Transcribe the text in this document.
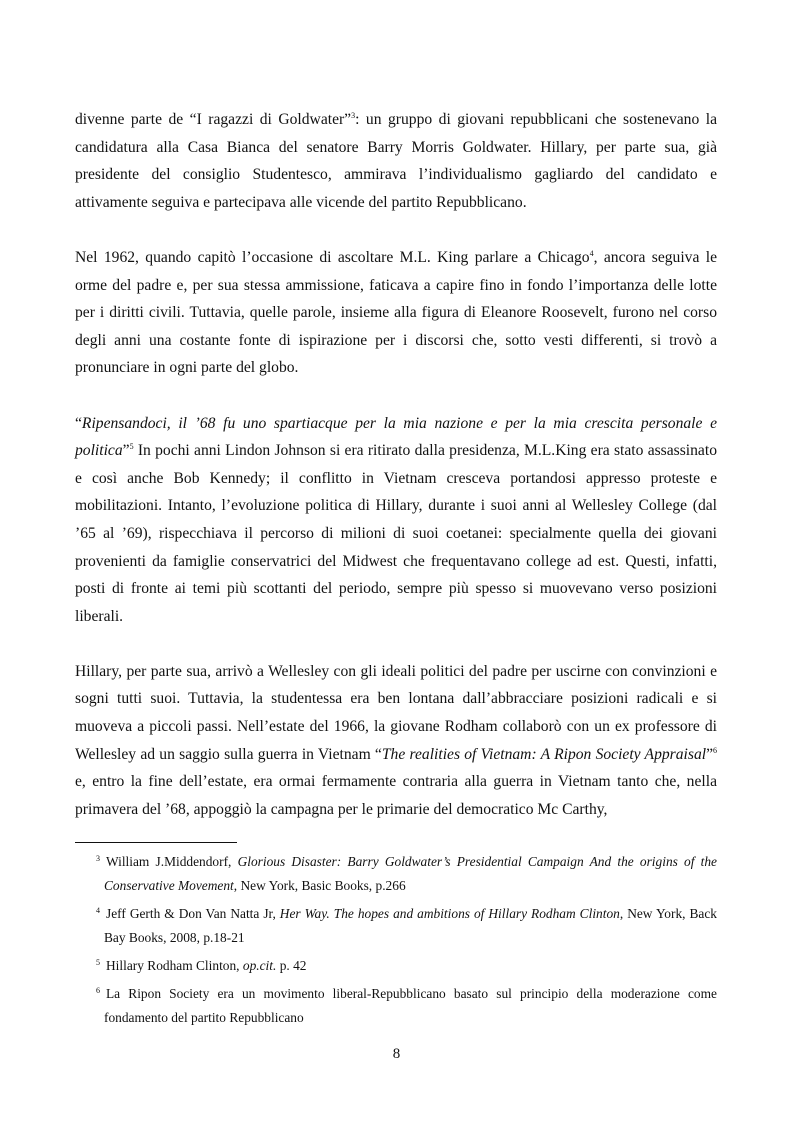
divenne parte de “I ragazzi di Goldwater”$^3$: un gruppo di giovani repubblicani che sostenevano la candidatura alla Casa Bianca del senatore Barry Morris Goldwater. Hillary, per parte sua, già presidente del consiglio Studentesco, ammirava l’individualismo gagliardo del candidato e attivamente seguiva e partecipava alle vicende del partito Repubblicano.

Nel 1962, quando capitò l’occasione di ascoltare M.L. King parlare a Chicago$^4$, ancora seguiva le orme del padre e, per sua stessa ammissione, faticava a capire fino in fondo l’importanza delle lotte per i diritti civili. Tuttavia, quelle parole, insieme alla figura di Eleanore Roosevelt, furono nel corso degli anni una costante fonte di ispirazione per i discorsi che, sotto vesti differenti, si trovò a pronunciare in ogni parte del globo.

“Ripensandoci, il ’68 fu uno spartiacque per la mia nazione e per la mia crescita personale e politica”$^5$ In pochi anni Lindon Johnson si era ritirato dalla presidenza, M.L.King era stato assassinato e così anche Bob Kennedy; il conflitto in Vietnam cresceva portandosi appresso proteste e mobilitazioni. Intanto, l’evoluzione politica di Hillary, durante i suoi anni al Wellesley College (dal ’65 al ’69), rispecchiava il percorso di milioni di suoi coetanei: specialmente quella dei giovani provenienti da famiglie conservatrici del Midwest che frequentavano college ad est. Questi, infatti, posti di fronte ai temi più scottanti del periodo, sempre più spesso si muovevano verso posizioni liberali.

Hillary, per parte sua, arrivò a Wellesley con gli ideali politici del padre per uscirne con convinzioni e sogni tutti suoi. Tuttavia, la studentessa era ben lontana dall’abbracciare posizioni radicali e si muoveva a piccoli passi. Nell’estate del 1966, la giovane Rodham collaborò con un ex professore di Wellesley ad un saggio sulla guerra in Vietnam “The realities of Vietnam: A Ripon Society Appraisal”$^6$ e, entro la fine dell’estate, era ormai fermamente contraria alla guerra in Vietnam tanto che, nella primavera del ’68, appoggiò la campagna per le primarie del democratico Mc Carthy,

$^3$ William J.Middendorf, Glorious Disaster: Barry Goldwater’s Presidential Campaign And the origins of the Conservative Movement, New York, Basic Books, p.266

$^4$ Jeff Gerth & Don Van Natta Jr, Her Way. The hopes and ambitions of Hillary Rodham Clinton, New York, Back Bay Books, 2008, p.18-21

$^5$ Hillary Rodham Clinton, op.cit. p. 42

$^6$ La Ripon Society era un movimento liberal-Repubblicano basato sul principio della moderazione come fondamento del partito Repubblicano

8
